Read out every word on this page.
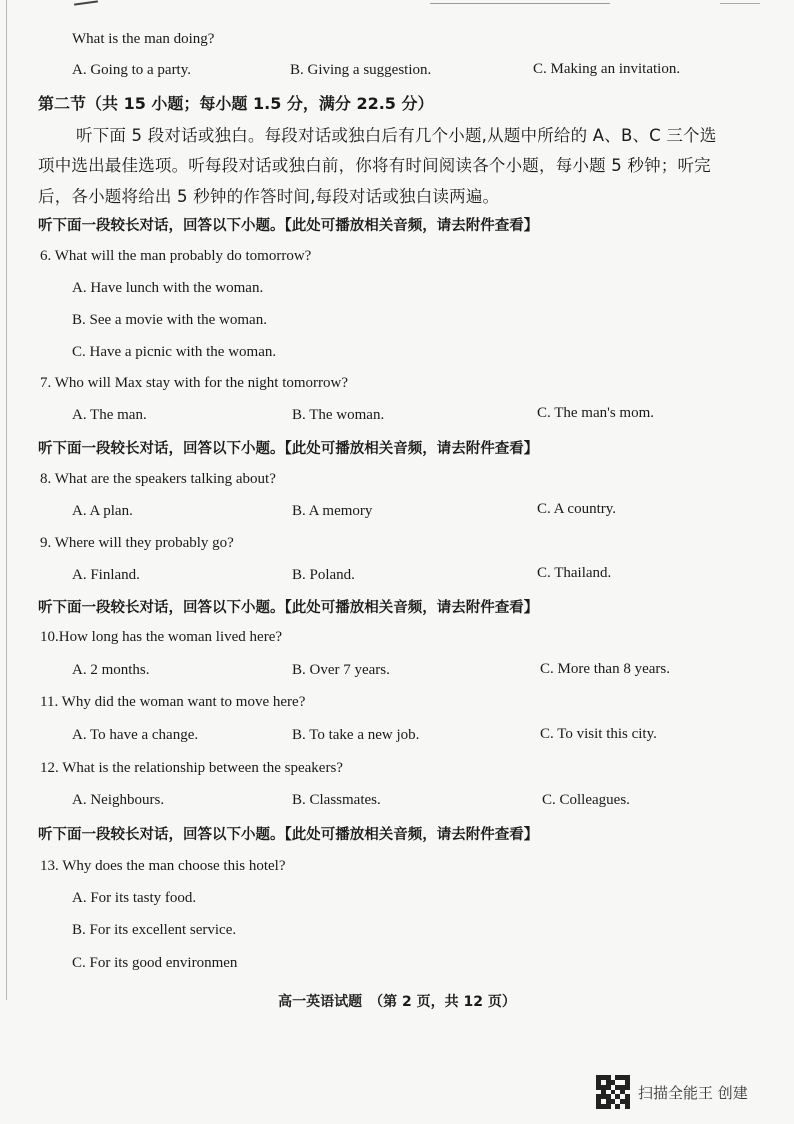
What is the man doing?
A. Going to a party.	B. Giving a suggestion.	C. Making an invitation.
第二节（共 15 小题；每小题 1.5 分，满分 22.5 分）
听下面 5 段对话或独白。每段对话或独白后有几个小题,从题中所给的 A、B、C 三个选
项中选出最佳选项。听每段对话或独白前，你将有时间阅读各个小题，每小题 5 秒钟；听完
后，各小题将给出 5 秒钟的作答时间,每段对话或独白读两遍。
听下面一段较长对话，回答以下小题。【此处可播放相关音频，请去附件查看】
6. What will the man probably do tomorrow?
A. Have lunch with the woman.
B. See a movie with the woman.
C. Have a picnic with the woman.
7. Who will Max stay with for the night tomorrow?
A. The man.	B. The woman.	C. The man's mom.
听下面一段较长对话，回答以下小题。【此处可播放相关音频，请去附件查看】
8. What are the speakers talking about?
A. A plan.	B. A memory	C. A country.
9. Where will they probably go?
A. Finland.	B. Poland.	C. Thailand.
听下面一段较长对话，回答以下小题。【此处可播放相关音频，请去附件查看】
10.How long has the woman lived here?
A. 2 months.	B. Over 7 years.	C. More than 8 years.
11. Why did the woman want to move here?
A. To have a change.	B. To take a new job.	C. To visit this city.
12. What is the relationship between the speakers?
A. Neighbours.	B. Classmates.	C. Colleagues.
听下面一段较长对话，回答以下小题。【此处可播放相关音频，请去附件查看】
13. Why does the man choose this hotel?
A. For its tasty food.
B. For its excellent service.
C. For its good environmen
高一英语试题　（第 2 页，共 12 页）
扫描全能王 创建
